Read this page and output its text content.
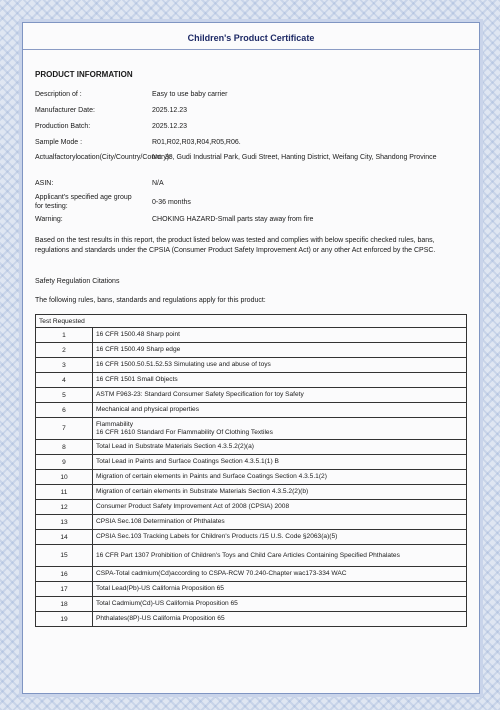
Children's Product Certificate
PRODUCT INFORMATION
Description of :	Easy to use baby carrier
Manufacturer Date:	2025.12.23
Production Batch:	2025.12.23
Sample Mode :	R01,R02,R03,R04,R05,R06.
Actualfactorylocation(City/Country/Country):
No. 38, Gudi Industrial Park, Gudi Street, Hanting District, Weifang City, Shandong Province
ASIN:	N/A
Applicant's specified age group for testing:
0-36 months
Warning:	CHOKING HAZARD-Small parts stay away from fire
Based on the test results in this report, the product listed below was tested and complies with below specific checked rules, bans, regulations and standards under the CPSIA (Consumer Product Safety Improvement Act) or any other Act enforced by the CPSC.
Safety Regulation Citations
The following rules, bans, standards and regulations apply for this product:
Test Requested	
1	16 CFR 1500.48 Sharp point
2	16 CFR 1500.49 Sharp edge
3	16 CFR 1500.50.51.52.53 Simulating use and abuse of toys
4	16 CFR 1501 Small Objects
5	ASTM F963-23: Standard Consumer Safety Specification for toy Safety
6	Mechanical and physical properties
7	Flammability
16 CFR 1610 Standard For Flammability Of Clothing Textiles
8	Total Lead in Substrate Materials Section 4.3.5.2(2)(a)
9	Total Lead in Paints and Surface Coatings Section 4.3.5.1(1) B
10	Migration of certain elements in Paints and Surface Coatings Section 4.3.5.1(2)
11	Migration of certain elements in Substrate Materials Section 4.3.5.2(2)(b)
12	Consumer Product Safety Improvement Act of 2008 (CPSIA) 2008
13	CPSIA Sec.108 Determination of Phthalates
14	CPSIA Sec.103 Tracking Labels for Children's Products /15 U.S. Code §2063(a)(5)
15	16 CFR Part 1307 Prohibition of Children's Toys and Child Care Articles Containing Specified Phthalates
16	CSPA-Total cadmium(Cd)according to CSPA-RCW 70.240-Chapter wac173-334 WAC
17	Total Lead(Pb)-US California Proposition 65
18	Total Cadmium(Cd)-US California Proposition 65
19	Phthalates(8P)-US California Proposition 65
